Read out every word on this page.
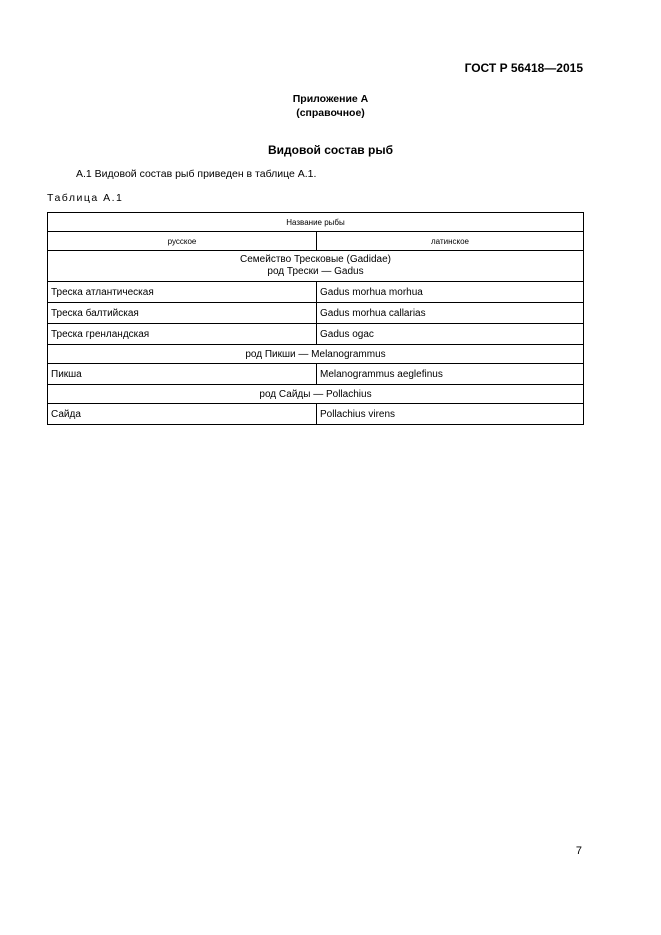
ГОСТ Р 56418—2015
Приложение А
(справочное)
Видовой состав рыб
А.1 Видовой состав рыб приведен в таблице А.1.
Таблица А.1
Название рыбы	
русское	латинское

Семейство Тресковые (Gadidae)
род Трески — Gadus	

Треска атлантическая	Gadus morhua morhua
Треска балтийская	Gadus morhua callarias
Треска гренландская	Gadus ogac
род Пикши — Melanogrammus	
Пикша	Melanogrammus aeglefinus
род Сайды — Pollachius	
Сайда	Pollachius virens
7
